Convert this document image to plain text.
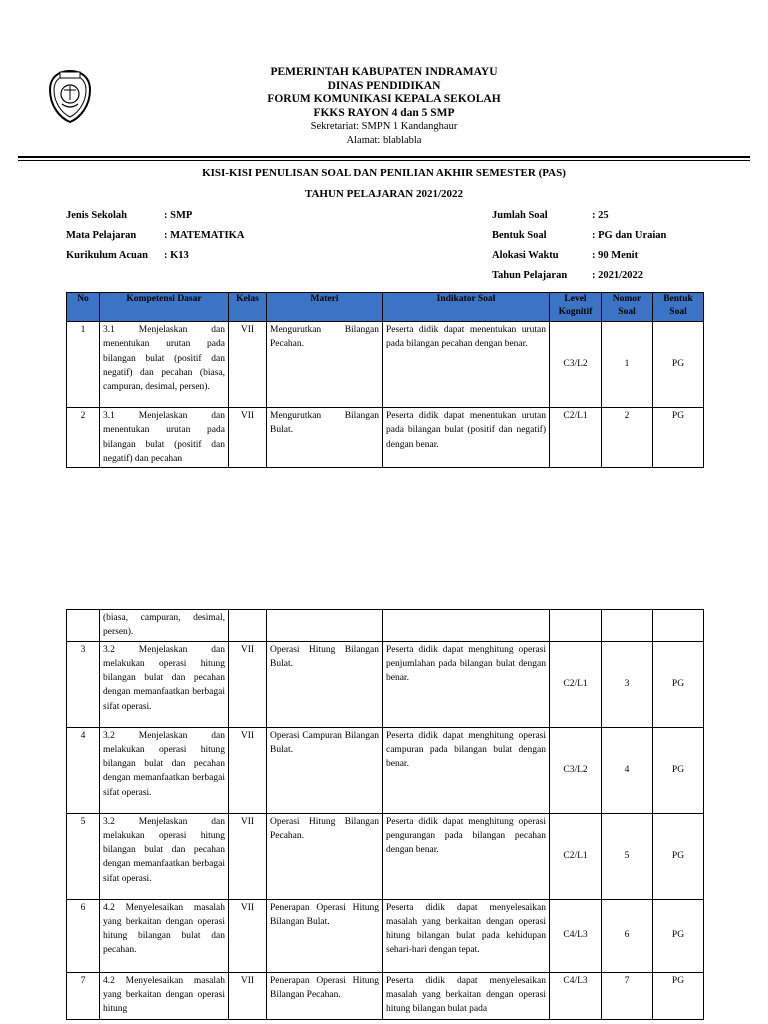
PEMERINTAH KABUPATEN INDRAMAYU
DINAS PENDIDIKAN
FORUM KOMUNIKASI KEPALA SEKOLAH
FKKS RAYON 4 dan 5 SMP
Sekretariat: SMPN 1 Kandanghaur
Alamat: blablabla
KISI-KISI PENULISAN SOAL DAN PENILIAN AKHIR SEMESTER (PAS)
TAHUN PELAJARAN 2021/2022
Jenis Sekolah	: SMP
Mata Pelajaran	: MATEMATIKA
Kurikulum Acuan : K13
Jumlah Soal	: 25
Bentuk Soal	: PG dan Uraian
Alokasi Waktu	: 90 Menit
Tahun Pelajaran : 2021/2022
No	Kompetensi Dasar	Kelas	Materi	Indikator Soal	Level Kognitif	Nomor Soal	Bentuk Soal
1	3.1 Menjelaskan dan menentukan urutan pada bilangan bulat (positif dan negatif) dan pecahan (biasa, campuran, desimal, persen).	VII	Mengurutkan Bilangan Pecahan.	Peserta didik dapat menentukan urutan pada bilangan pecahan dengan benar.	C3/L2	1	PG
2	3.1 Menjelaskan dan menentukan urutan pada bilangan bulat (positif dan negatif) dan pecahan	VII	Mengurutkan Bilangan Bulat.	Peserta didik dapat menentukan urutan pada bilangan bulat (positif dan negatif) dengan benar.	C2/L1	2	PG
	(biasa, campuran, desimal, persen).						
3	3.2 Menjelaskan dan melakukan operasi hitung bilangan bulat dan pecahan dengan memanfaatkan berbagai sifat operasi.	VII	Operasi Hitung Bilangan Bulat.	Peserta didik dapat menghitung operasi penjumlahan pada bilangan bulat dengan benar.	C2/L1	3	PG
4	3.2 Menjelaskan dan melakukan operasi hitung bilangan bulat dan pecahan dengan memanfaatkan berbagai sifat operasi.	VII	Operasi Campuran Bilangan Bulat.	Peserta didik dapat menghitung operasi campuran pada bilangan bulat dengan benar.	C3/L2	4	PG
5	3.2 Menjelaskan dan melakukan operasi hitung bilangan bulat dan pecahan dengan memanfaatkan berbagai sifat operasi.	VII	Operasi Hitung Bilangan Pecahan.	Peserta didik dapat menghitung operasi pengurangan pada bilangan pecahan dengan benar.	C2/L1	5	PG
6	4.2 Menyelesaikan masalah yang berkaitan dengan operasi hitung bilangan bulat dan pecahan.	VII	Penerapan Operasi Hitung Bilangan Bulat.	Peserta didik dapat menyelesaikan masalah yang berkaitan dengan operasi hitung bilangan bulat pada kehidupan sehari-hari dengan tepat.	C4/L3	6	PG
7	4.2 Menyelesaikan masalah yang berkaitan dengan operasi hitung	VII	Penerapan Operasi Hitung Bilangan Pecahan.	Peserta didik dapat menyelesaikan masalah yang berkaitan dengan operasi hitung bilangan bulat pada	C4/L3	7	PG
